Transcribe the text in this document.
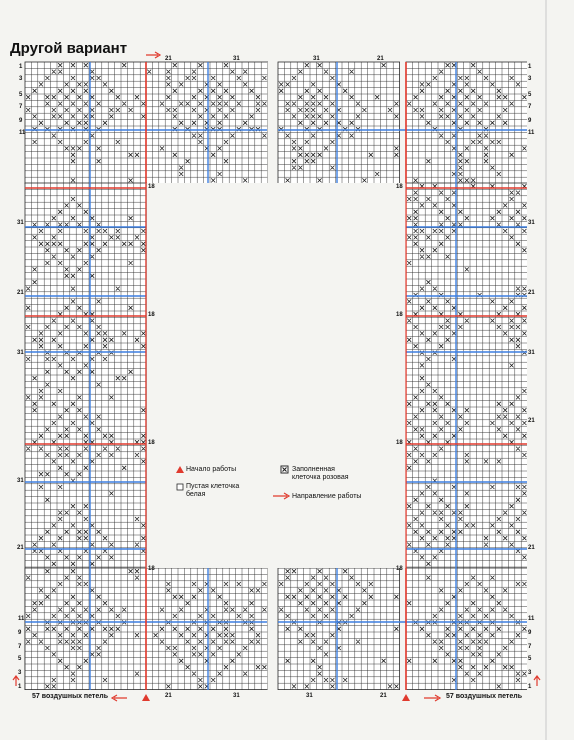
Другой вариант
1
3
5
7
9
11
1
3
5
7
9
11
11
9
7
5
3
1
11
9
7
5
3
1
31
21
31
31
21
31
21
31
21
21
18
18
18
18
18
18
18
18
21	31	31	21
21	31	31	21
Начало работы
Пустая клеточка
белая
Заполненная
клеточка розовая
Направление работы
57 воздушных петель	57 воздушных петель
